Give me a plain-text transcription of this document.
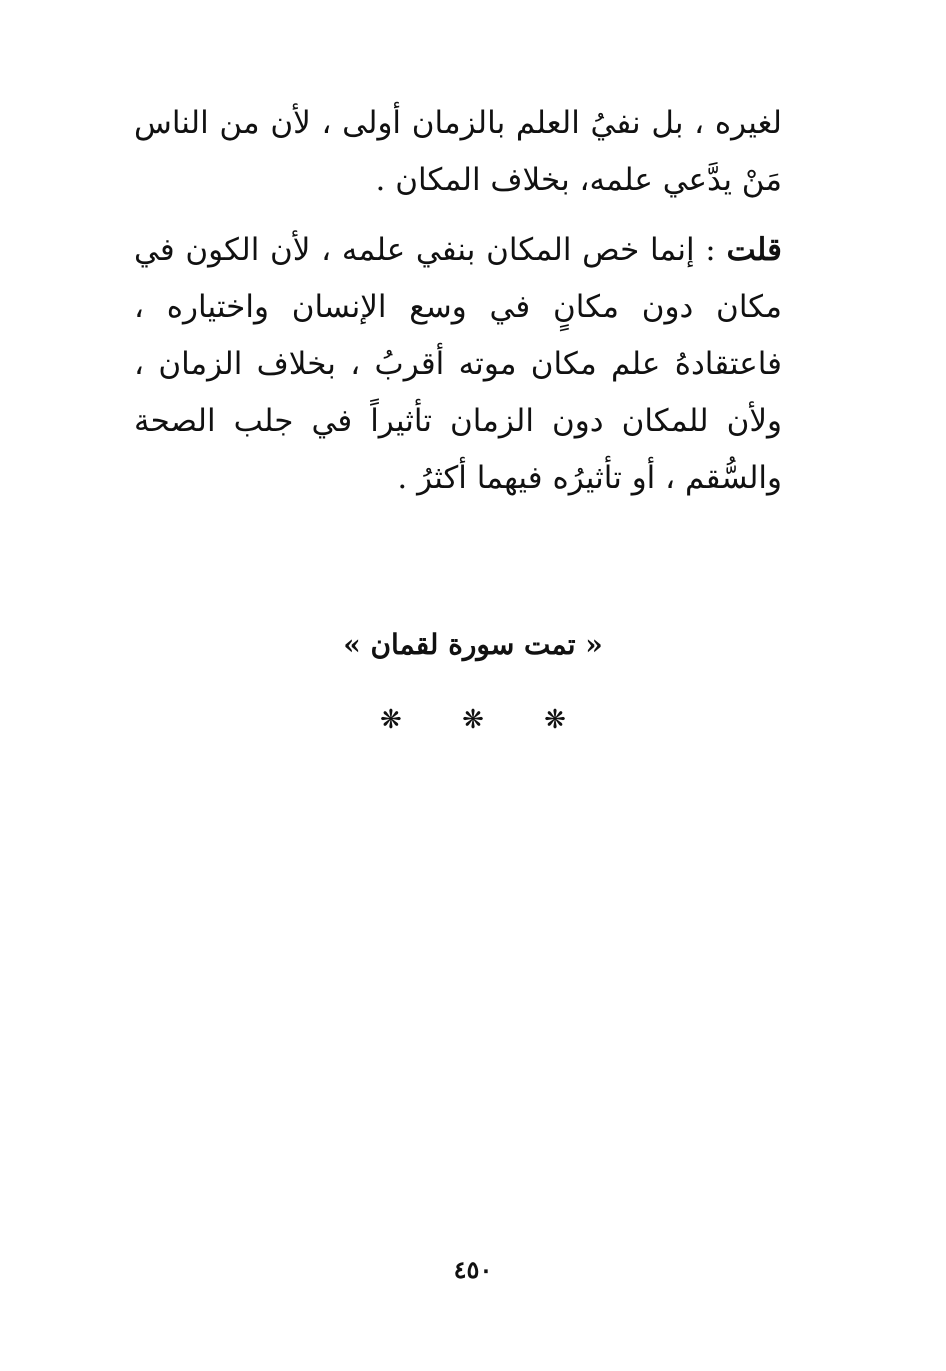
لغيره ، بل نفيُ العلم بالزمان أولى ، لأن من الناس مَنْ يدَّعي علمه، بخلاف المكان .

قلت : إنما خص المكان بنفي علمه ، لأن الكون في مكان دون مكانٍ في وسع الإنسان واختياره ، فاعتقادهُ علم مكان موته أقربُ ، بخلاف الزمان ، ولأن للمكان دون الزمان تأثيراً في جلب الصحة والسُّقم ، أو تأثيرُه فيهما أكثرُ .

« تمت سورة لقمان »
❋ ❋ ❋
٤٥٠
